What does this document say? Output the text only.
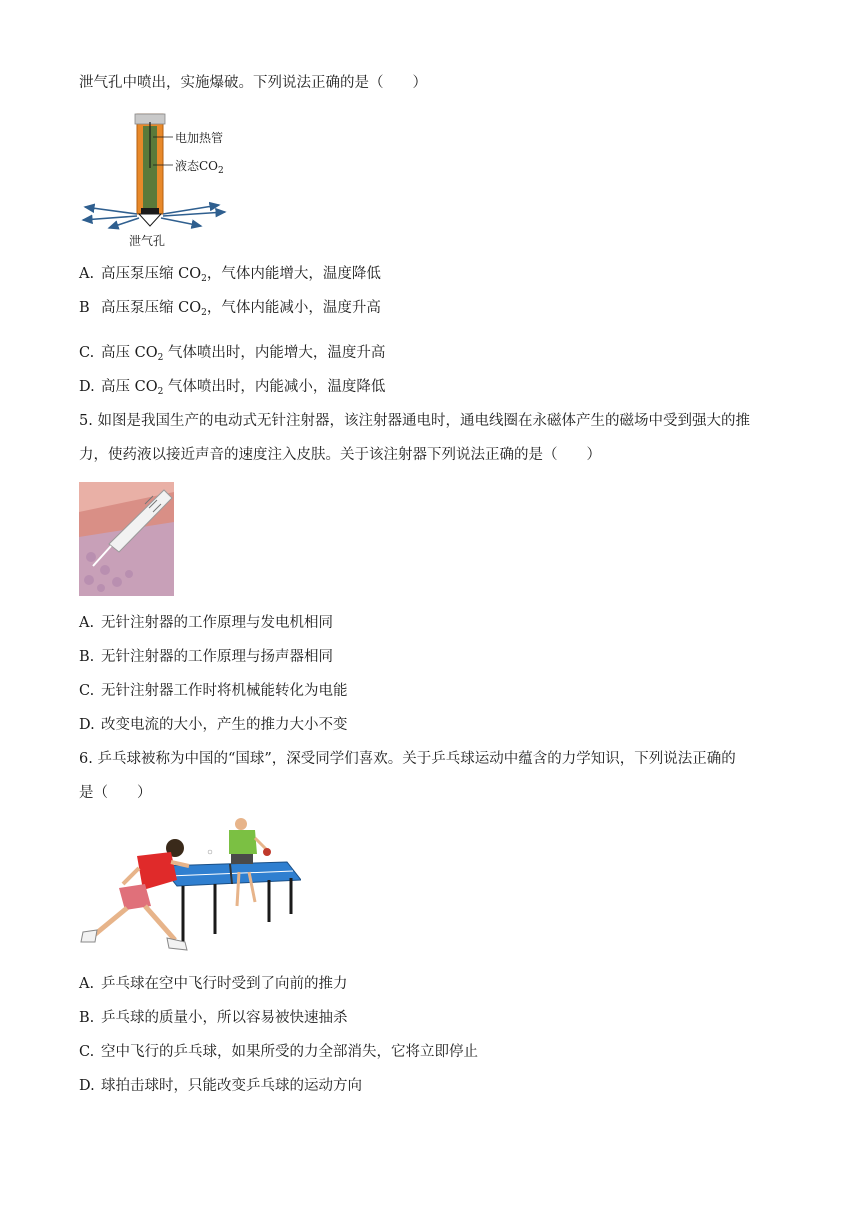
泄气孔中喷出，实施爆破。下列说法正确的是（　　）
电加热管
液态$CO_2$
泄气孔
A. 高压泵压缩 $CO_2$，气体内能增大，温度降低
B 高压泵压缩 $CO_2$，气体内能减小，温度升高
C. 高压 $CO_2$ 气体喷出时，内能增大，温度升高
D. 高压 $CO_2$ 气体喷出时，内能减小，温度降低
5. 如图是我国生产的电动式无针注射器，该注射器通电时，通电线圈在永磁体产生的磁场中受到强大的推
力，使药液以接近声音的速度注入皮肤。关于该注射器下列说法正确的是（　　）
A. 无针注射器的工作原理与发电机相同
B. 无针注射器的工作原理与扬声器相同
C. 无针注射器工作时将机械能转化为电能
D. 改变电流的大小，产生的推力大小不变
6. 乒乓球被称为中国的“国球”，深受同学们喜欢。关于乒乓球运动中蕴含的力学知识，下列说法正确的
是（　　）
A. 乒乓球在空中飞行时受到了向前的推力
B. 乒乓球的质量小，所以容易被快速抽杀
C. 空中飞行的乒乓球，如果所受的力全部消失，它将立即停止
D. 球拍击球时，只能改变乒乓球的运动方向
